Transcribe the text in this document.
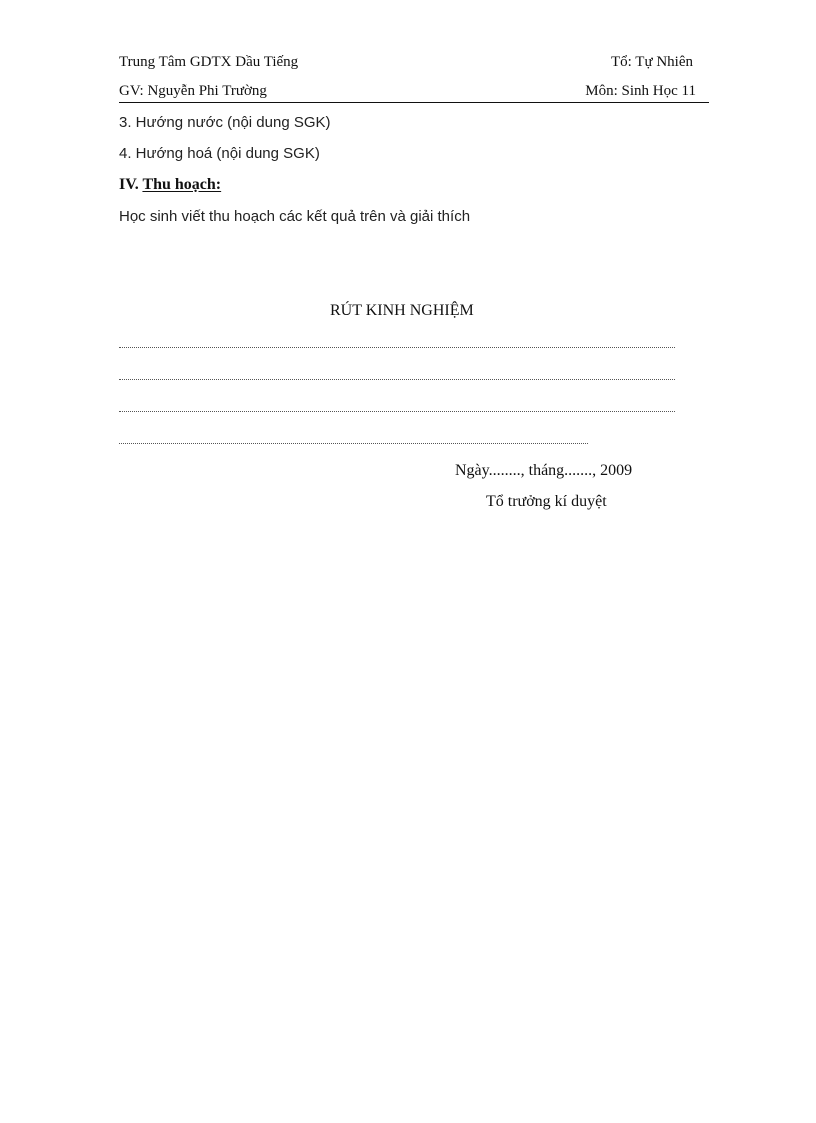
Trung Tâm GDTX Dầu Tiếng	Tổ: Tự Nhiên
GV: Nguyễn Phi Trường	Môn: Sinh Học 11
3. Hướng nước (nội dung SGK)
4. Hướng hoá (nội dung SGK)
IV. Thu hoạch:
Học sinh viết thu hoạch các kết quả trên và giải thích
RÚT KINH NGHIỆM
Ngày........, tháng......., 2009
Tổ trưởng kí duyệt
